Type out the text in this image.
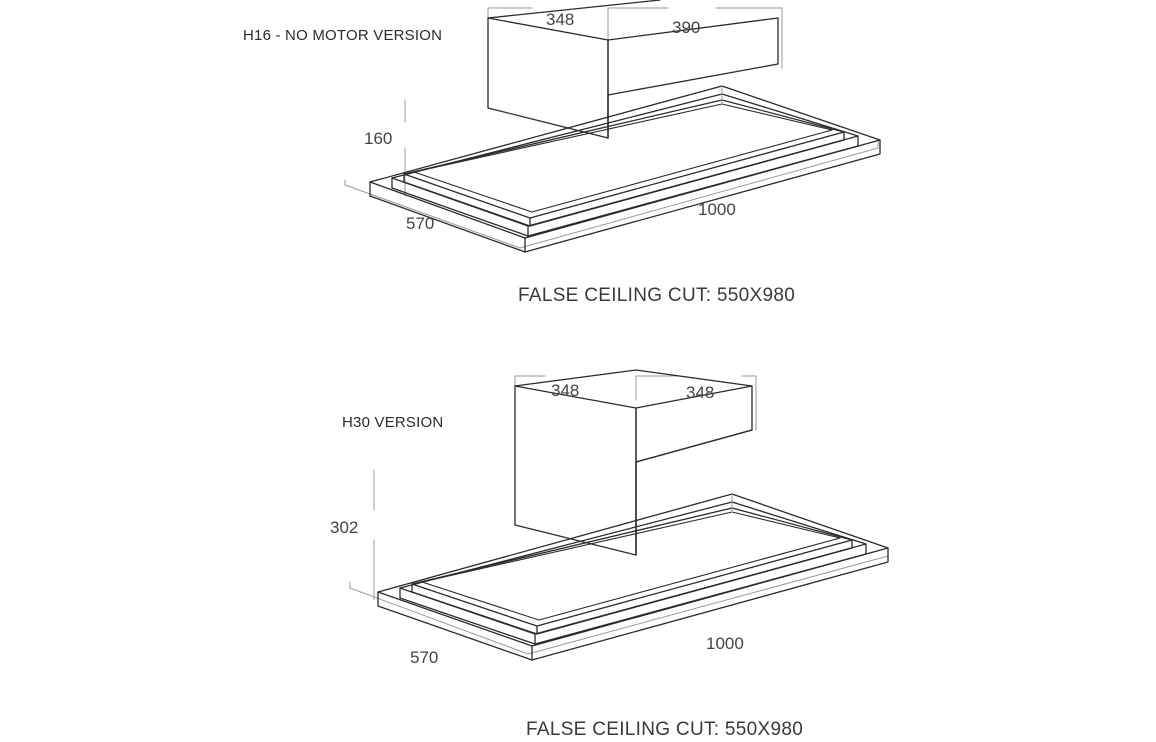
H16 - NO MOTOR VERSION
348	390
160
570
1000
FALSE CEILING CUT: 550X980
H30 VERSION
348	348
302
570
1000
FALSE CEILING CUT: 550X980
